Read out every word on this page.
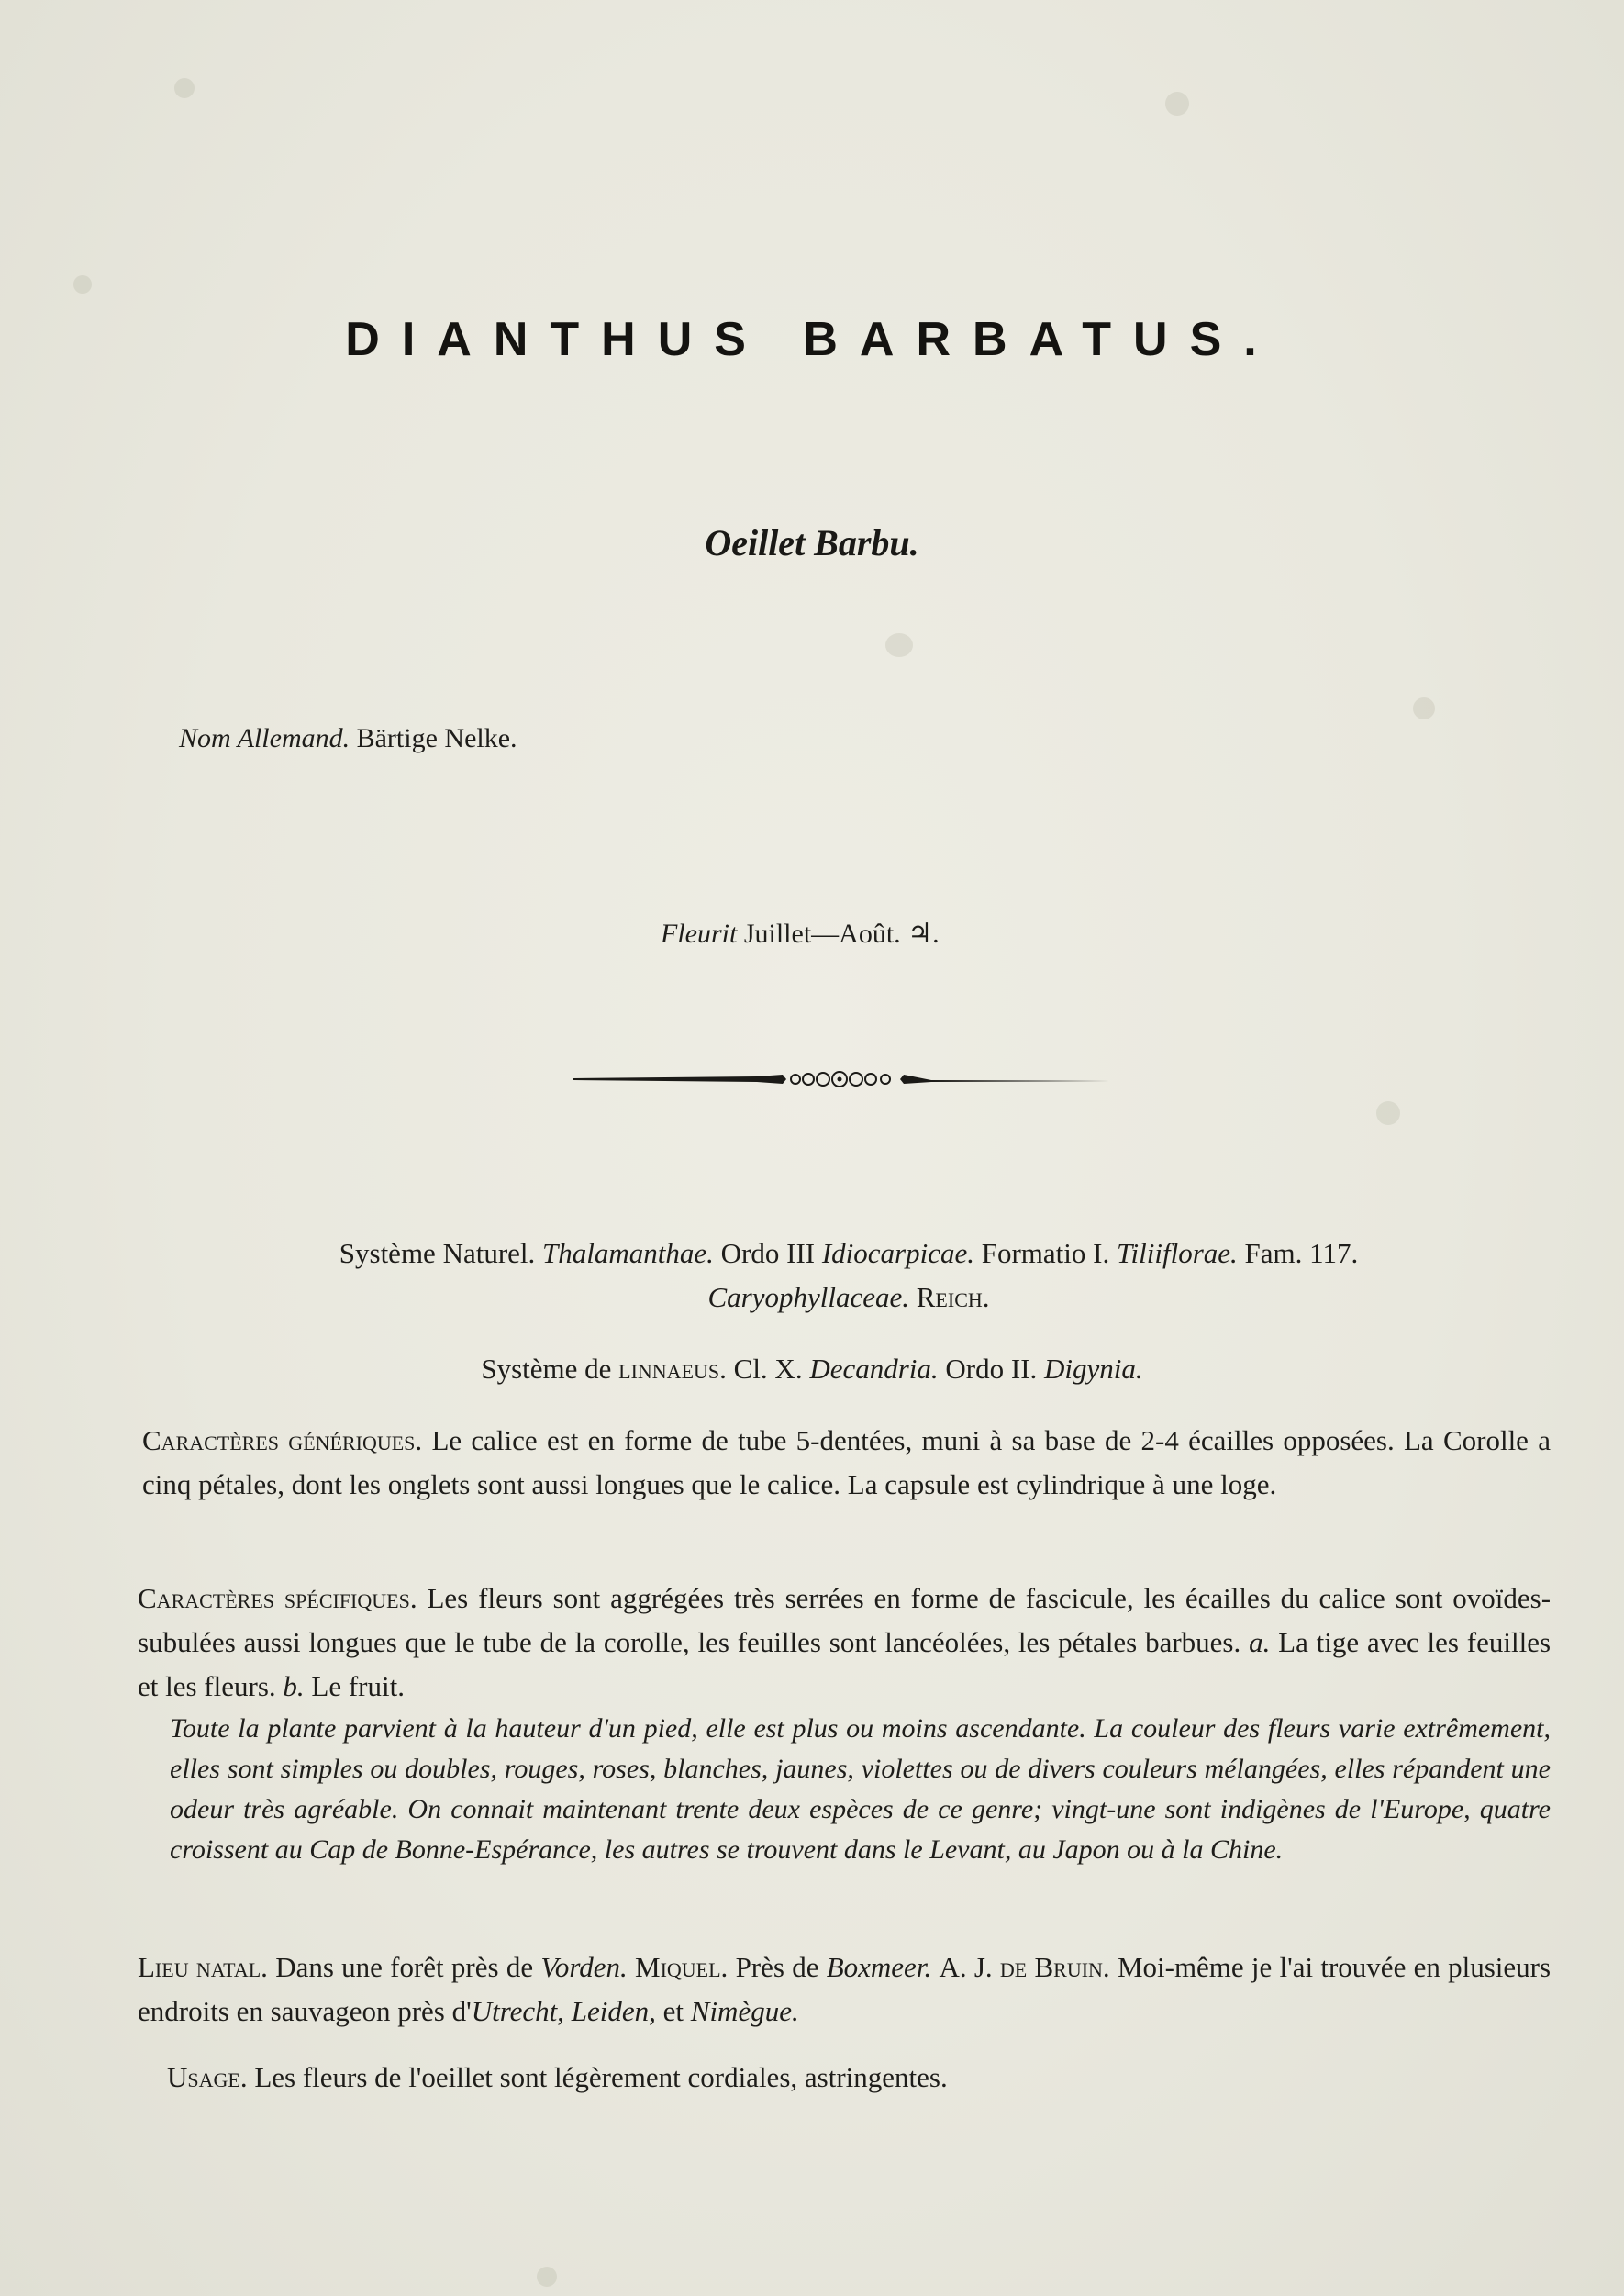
DIANTHUS BARBATUS.
Oeillet Barbu.
Nom Allemand. Bärtige Nelke.
Fleurit Juillet—Août. ♃.
Système Naturel. Thalamanthae. Ordo III Idiocarpicae. Formatio I. Tiliiflorae. Fam. 117.
Caryophyllaceae. Reich.
Système de linnaeus. Cl. X. Decandria. Ordo II. Digynia.
Caractères génériques. Le calice est en forme de tube 5-dentées, muni à sa base de 2-4 écailles opposées. La Corolle a cinq pétales, dont les onglets sont aussi longues que le calice. La capsule est cylindrique à une loge.
Caractères spécifiques. Les fleurs sont aggrégées très serrées en forme de fascicule, les écailles du calice sont ovoïdes-subulées aussi longues que le tube de la corolle, les feuilles sont lancéolées, les pétales barbues. a. La tige avec les feuilles et les fleurs. b. Le fruit.
Toute la plante parvient à la hauteur d'un pied, elle est plus ou moins ascendante. La couleur des fleurs varie extrêmement, elles sont simples ou doubles, rouges, roses, blanches, jaunes, violettes ou de divers couleurs mélangées, elles répandent une odeur très agréable. On connait maintenant trente deux espèces de ce genre; vingt-une sont indigènes de l'Europe, quatre croissent au Cap de Bonne-Espérance, les autres se trouvent dans le Levant, au Japon ou à la Chine.
Lieu natal. Dans une forêt près de Vorden. Miquel. Près de Boxmeer. A. J. de Bruin. Moi-même je l'ai trouvée en plusieurs endroits en sauvageon près d'Utrecht, Leiden, et Nimègue.
Usage. Les fleurs de l'oeillet sont légèrement cordiales, astringentes.
